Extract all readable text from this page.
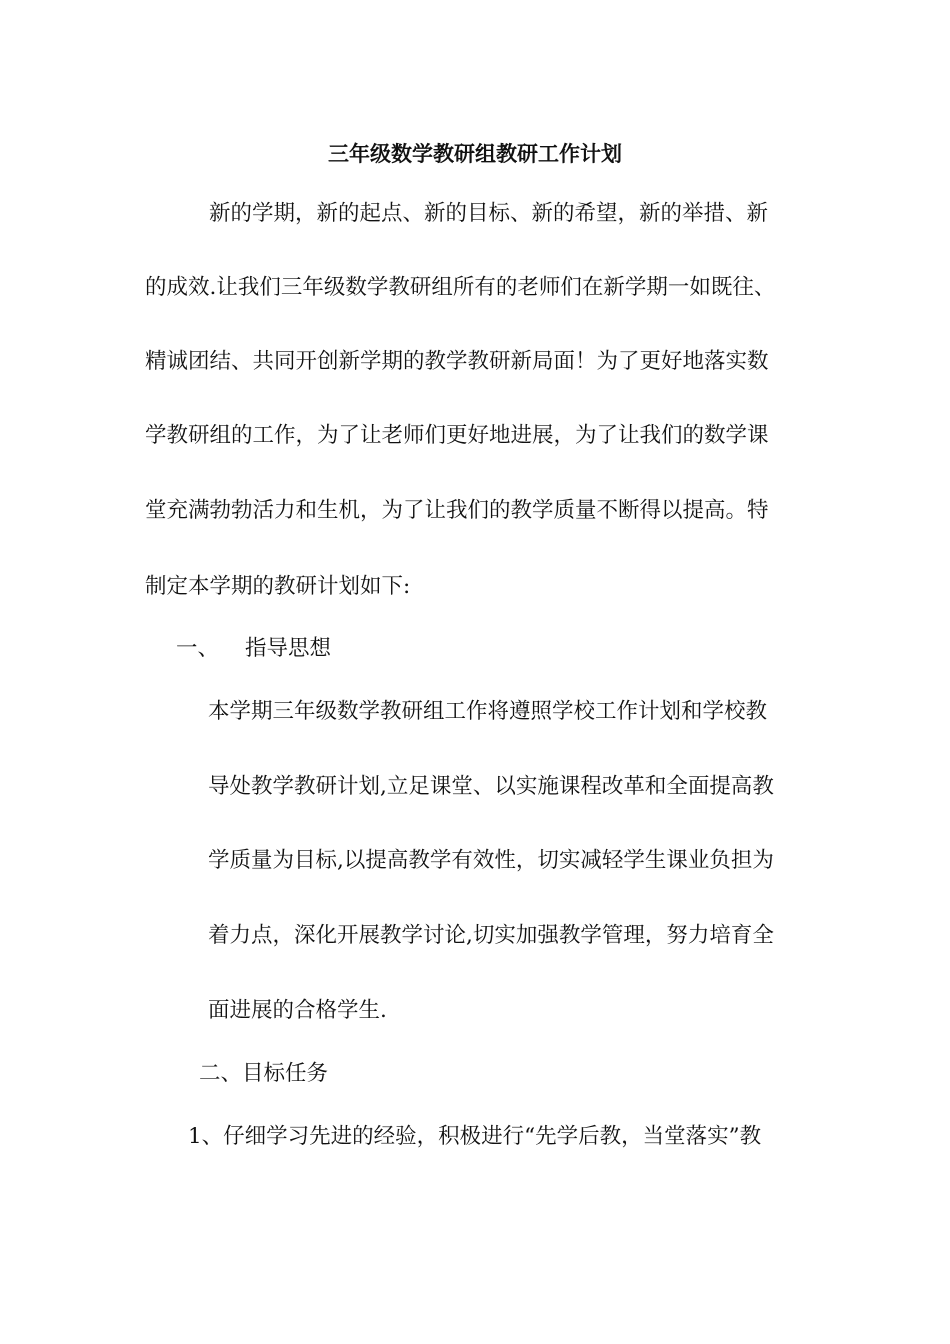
三年级数学教研组教研工作计划

新的学期，新的起点、新的目标、新的希望，新的举措、新

的成效.让我们三年级数学教研组所有的老师们在新学期一如既往、

精诚团结、共同开创新学期的教学教研新局面！为了更好地落实数

学教研组的工作，为了让老师们更好地进展，为了让我们的数学课

堂充满勃勃活力和生机，为了让我们的教学质量不断得以提高。特

制定本学期的教研计划如下:

一、 指导思想

本学期三年级数学教研组工作将遵照学校工作计划和学校教

导处教学教研计划,立足课堂、以实施课程改革和全面提高教

学质量为目标,以提高教学有效性，切实减轻学生课业负担为

着力点，深化开展教学讨论,切实加强教学管理，努力培育全

面进展的合格学生.

二、目标任务

1、仔细学习先进的经验，积极进行“先学后教，当堂落实”教
